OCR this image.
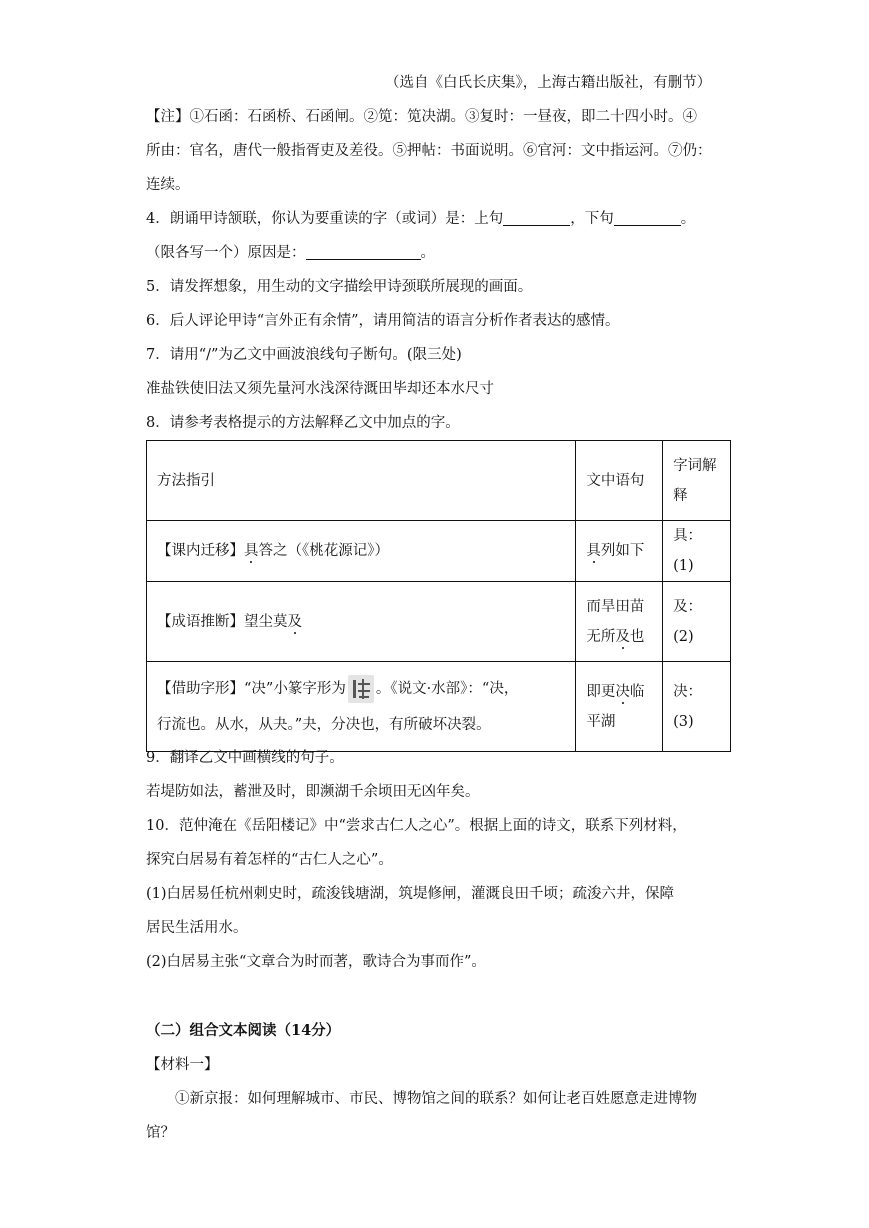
（选自《白氏长庆集》，上海古籍出版社，有删节）
【注】①石函：石函桥、石函闸。②笕：笕决湖。③复时：一昼夜，即二十四小时。④
所由：官名，唐代一般指胥吏及差役。⑤押帖：书面说明。⑥官河：文中指运河。⑦仍：
连续。
4．朗诵甲诗颔联，你认为要重读的字（或词）是：上句	，下句	。
（限各写一个）原因是：	。
5．请发挥想象，用生动的文字描绘甲诗颈联所展现的画面。
6．后人评论甲诗“言外正有余情”，请用简洁的语言分析作者表达的感情。
7．请用“/”为乙文中画波浪线句子断句。(限三处)
准盐铁使旧法又须先量河水浅深待溉田毕却还本水尺寸
8．请参考表格提示的方法解释乙文中加点的字。
方法指引	文中语句	字词解
释
【课内迁移】具答之（《桃花源记》）	具列如下	具：(1)
【成语推断】望尘莫及	而旱田苗
无所及也	及：(2)
【借助字形】“决”小篆字形为 。《说文·水部》：“决，
行流也。从水，从夬。”夬，分决也，有所破坏决裂。	即更决临
平湖	决：(3)
9．翻译乙文中画横线的句子。
若堤防如法，蓄泄及时，即濒湖千余顷田无凶年矣。
10．范仲淹在《岳阳楼记》中“尝求古仁人之心”。根据上面的诗文，联系下列材料，
探究白居易有着怎样的“古仁人之心”。
(1)白居易任杭州刺史时，疏浚钱塘湖，筑堤修闸，灌溉良田千顷；疏浚六井，保障
居民生活用水。
(2)白居易主张“文章合为时而著，歌诗合为事而作”。
（二）组合文本阅读（14分）
【材料一】
①新京报：如何理解城市、市民、博物馆之间的联系？如何让老百姓愿意走进博物
馆？
